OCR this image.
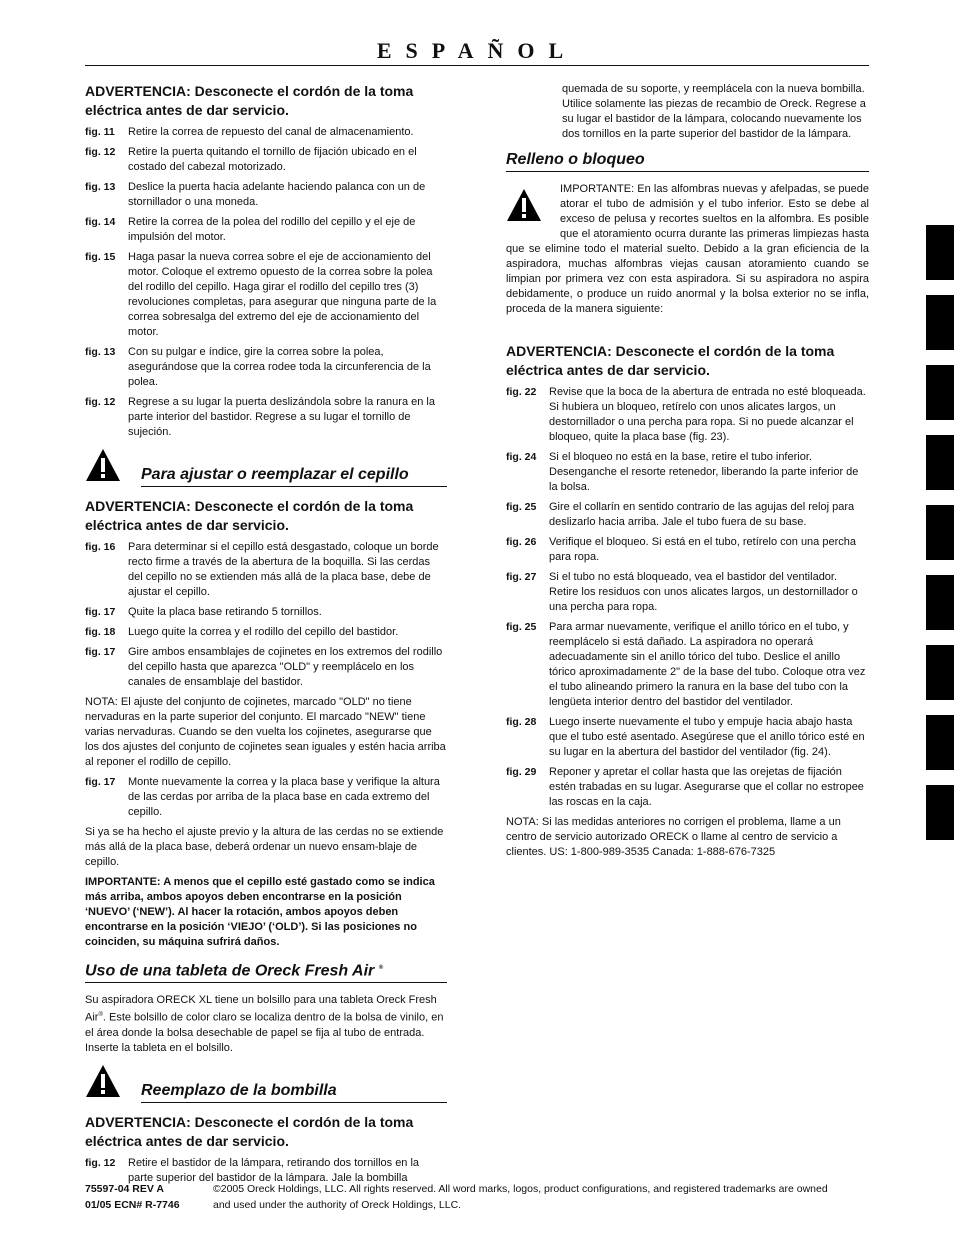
ESPAÑOL
ADVERTENCIA: Desconecte el cordón de la toma eléctrica antes de dar servicio.
fig. 11	Retire la correa de repuesto del canal de almacenamiento.
fig. 12	Retire la puerta quitando el tornillo de fijación ubicado en el costado del cabezal motorizado.
fig. 13	Deslice la puerta hacia adelante haciendo palanca con un de stornillador o una moneda.
fig. 14	Retire la correa de la polea del rodillo del cepillo y el eje de impulsión del motor.
fig. 15	Haga pasar la nueva correa sobre el eje de accionamiento del motor. Coloque el extremo opuesto de la correa sobre la polea del rodillo del cepillo. Haga girar el rodillo del cepillo tres (3) revoluciones completas, para asegurar que ninguna parte de la correa sobresalga del extremo del eje de accionamiento del motor.
fig. 13	Con su pulgar e índice, gire la correa sobre la polea, asegurándose que la correa rodee toda la circunferencia de la polea.
fig. 12	Regrese a su lugar la puerta deslizándola sobre la ranura en la parte interior del bastidor. Regrese a su lugar el tornillo de sujeción.
Para ajustar o reemplazar el cepillo
ADVERTENCIA: Desconecte el cordón de la toma eléctrica antes de dar servicio.
fig. 16	Para determinar si el cepillo está desgastado, coloque un borde recto firme a través de la abertura de la boquilla. Si las cerdas del cepillo no se extienden más allá de la placa base, debe de ajustar el cepillo.
fig. 17	Quite la placa base retirando 5 tornillos.
fig. 18	Luego quite la correa y el rodillo del cepillo del bastidor.
fig. 17	Gire ambos ensamblajes de cojinetes en los extremos del rodillo del cepillo hasta que aparezca "OLD" y reemplácelo en los canales de ensamblaje del bastidor.

NOTA: El ajuste del conjunto de cojinetes, marcado "OLD" no tiene nervaduras en la parte superior del conjunto. El marcado "NEW" tiene varias nervaduras. Cuando se den vuelta los cojinetes, asegurarse que los dos ajustes del conjunto de cojinetes sean iguales y estén hacia arriba al reponer el rodillo de cepillo.

fig. 17	Monte nuevamente la correa y la placa base y verifique la altura de las cerdas por arriba de la placa base en cada extremo del cepillo.

Si ya se ha hecho el ajuste previo y la altura de las cerdas no se extiende más allá de la placa base, deberá ordenar un nuevo ensam-blaje de cepillo.

IMPORTANTE: A menos que el cepillo esté gastado como se indica más arriba, ambos apoyos deben encontrarse en la posición ‘NUEVO’ (‘NEW’). Al hacer la rotación, ambos apoyos deben encontrarse en la posición ‘VIEJO’ (‘OLD’). Si las posiciones no coinciden, su máquina sufrirá daños.

Uso de una tableta de Oreck Fresh Air ®

Su aspiradora ORECK XL tiene un bolsillo para una tableta Oreck Fresh Air®. Este bolsillo de color claro se localiza dentro de la bolsa de vinilo, en el área donde la bolsa desechable de papel se fija al tubo de entrada. Inserte la tableta en el bolsillo.

Reemplazo de la bombilla
ADVERTENCIA: Desconecte el cordón de la toma eléctrica antes de dar servicio.
fig. 12	Retire el bastidor de la lámpara, retirando dos tornillos en la parte superior del bastidor de la lámpara. Jale la bombilla

quemada de su soporte, y reemplácela con la nueva bombilla. Utilice solamente las piezas de recambio de Oreck. Regrese a su lugar el bastidor de la lámpara, colocando nuevamente los dos tornillos en la parte superior del bastidor de la lámpara.

Relleno o bloqueo

IMPORTANTE: En las alfombras nuevas y afelpadas, se puede atorar el tubo de admisión y el tubo inferior. Esto se debe al exceso de pelusa y recortes sueltos en la alfombra. Es posible que el atoramiento ocurra durante las primeras limpiezas hasta que se elimine todo el material suelto. Debido a la gran eficiencia de la aspiradora, muchas alfombras viejas causan atoramiento cuando se limpian por primera vez con esta aspiradora. Si su aspiradora no aspira debidamente, o produce un ruido anormal y la bolsa exterior no se infla, proceda de la manera siguiente:

ADVERTENCIA: Desconecte el cordón de la toma eléctrica antes de dar servicio.
fig. 22	Revise que la boca de la abertura de entrada no esté bloqueada. Si hubiera un bloqueo, retírelo con unos alicates largos, un destornillador o una percha para ropa. Si no puede alcanzar el bloqueo, quite la placa base (fig. 23).
fig. 24	Si el bloqueo no está en la base, retire el tubo inferior. Desenganche el resorte retenedor, liberando la parte inferior de la bolsa.
fig. 25	Gire el collarín en sentido contrario de las agujas del reloj para deslizarlo hacia arriba. Jale el tubo fuera de su base.
fig. 26	Verifique el bloqueo. Si está en el tubo, retírelo con una percha para ropa.
fig. 27	Si el tubo no está bloqueado, vea el bastidor del ventilador. Retire los residuos con unos alicates largos, un destornillador o una percha para ropa.
fig. 25	Para armar nuevamente, verifique el anillo tórico en el tubo, y reemplácelo si está dañado. La aspiradora no operará adecuadamente sin el anillo tórico del tubo. Deslice el anillo tórico aproximadamente 2" de la base del tubo. Coloque otra vez el tubo alineando primero la ranura en la base del tubo con la lengüeta interior dentro del bastidor del ventilador.
fig. 28	Luego inserte nuevamente el tubo y empuje hacia abajo hasta que el tubo esté asentado. Asegúrese que el anillo tórico esté en su lugar en la abertura del bastidor del ventilador (fig. 24).
fig. 29	Reponer y apretar el collar hasta que las orejetas de fijación estén trabadas en su lugar. Asegurarse que el collar no estropee las roscas en la caja.

NOTA: Si las medidas anteriores no corrigen el problema, llame a un centro de servicio autorizado ORECK o llame al centro de servicio a clientes. US: 1-800-989-3535 Canada: 1-888-676-7325

75597-04 REV A
01/05 ECN# R-7746
©2005 Oreck Holdings, LLC. All rights reserved. All word marks, logos, product configurations, and registered trademarks are owned and used under the authority of Oreck Holdings, LLC.
